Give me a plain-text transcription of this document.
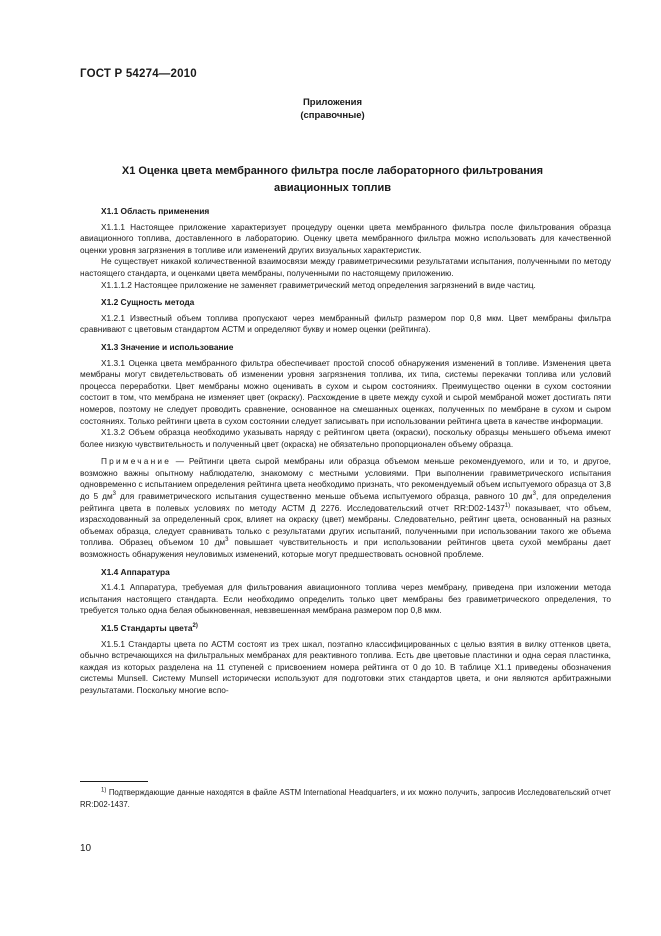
ГОСТ Р 54274—2010
Приложения
(справочные)
X1 Оценка цвета мембранного фильтра после лабораторного фильтрования
авиационных топлив
X1.1 Область применения

X1.1.1 Настоящее приложение характеризует процедуру оценки цвета мембранного фильтра после фильтрования образца авиационного топлива, доставленного в лабораторию. Оценку цвета мембранного фильтра можно использовать для качественной оценки уровня загрязнения в топливе или изменений других визуальных характеристик.

Не существует никакой количественной взаимосвязи между гравиметрическими результатами испытания, полученными по методу настоящего стандарта, и оценками цвета мембраны, полученными по настоящему приложению.

X1.1.1.2 Настоящее приложение не заменяет гравиметрический метод определения загрязнений в виде частиц.

X1.2 Сущность метода

X1.2.1 Известный объем топлива пропускают через мембранный фильтр размером пор 0,8 мкм. Цвет мембраны фильтра сравнивают с цветовым стандартом АСТМ и определяют букву и номер оценки (рейтинга).

X1.3 Значение и использование

X1.3.1 Оценка цвета мембранного фильтра обеспечивает простой способ обнаружения изменений в топливе. Изменения цвета мембраны могут свидетельствовать об изменении уровня загрязнения топлива, их типа, системы перекачки топлива или условий процесса переработки. Цвет мембраны можно оценивать в сухом и сыром состояниях. Преимущество оценки в сухом состоянии состоит в том, что мембрана не изменяет цвет (окраску). Расхождение в цвете между сухой и сырой мембраной может достигать пяти номеров, поэтому не следует проводить сравнение, основанное на смешанных оценках, полученных по мембране в сухом и сыром состояниях. Только рейтинги цвета в сухом состоянии следует записывать при использовании рейтинга цвета в качестве информации.

X1.3.2 Объем образца необходимо указывать наряду с рейтингом цвета (окраски), поскольку образцы меньшего объема имеют более низкую чувствительность и полученный цвет (окраска) не обязательно пропорционален объему образца.

Примечание — Рейтинги цвета сырой мембраны или образца объемом меньше рекомендуемого, или и то, и другое, возможно важны опытному наблюдателю, знакомому с местными условиями. При выполнении гравиметрического испытания одновременно с испытанием определения рейтинга цвета необходимо признать, что рекомендуемый объем испытуемого образца от 3,8 до 5 $дм^3$ для гравиметрического испытания существенно меньше объема испытуемого образца, равного 10 $дм^3$, для определения рейтинга цвета в полевых условиях по методу АСТМ Д 2276. Исследовательский отчет RR:D02-1437$^{1)}$ показывает, что объем, израсходованный за определенный срок, влияет на окраску (цвет) мембраны. Следовательно, рейтинг цвета, основанный на разных объемах образца, следует сравнивать только с результатами других испытаний, полученными при использовании такого же объема топлива. Образец объемом 10 $дм^3$ повышает чувствительность и при использовании рейтингов цвета сухой мембраны дает возможность обнаружения неуловимых изменений, которые могут предшествовать основной проблеме.

X1.4 Аппаратура

X1.4.1 Аппаратура, требуемая для фильтрования авиационного топлива через мембрану, приведена при изложении метода испытания настоящего стандарта. Если необходимо определить только цвет мембраны без гравиметрического определения, то требуется только одна белая обыкновенная, невзвешенная мембрана размером пор 0,8 мкм.

X1.5 Стандарты цвета$^{2)}$

X1.5.1 Стандарты цвета по АСТМ состоят из трех шкал, поэтапно классифицированных с целью взятия в вилку оттенков цвета, обычно встречающихся на фильтральных мембранах для реактивного топлива. Есть две цветовые пластинки и одна серая пластинка, каждая из которых разделена на 11 ступеней с присвоением номера рейтинга от 0 до 10. В таблице X1.1 приведены обозначения системы Munsell. Систему Munsell исторически используют для подготовки этих стандартов цвета, и они являются арбитражными результатами. Поскольку многие вспо-

$^{1)}$ Подтверждающие данные находятся в файле ASTM International Headquarters, и их можно получить, запросив Исследовательский отчет RR:D02-1437.

10
